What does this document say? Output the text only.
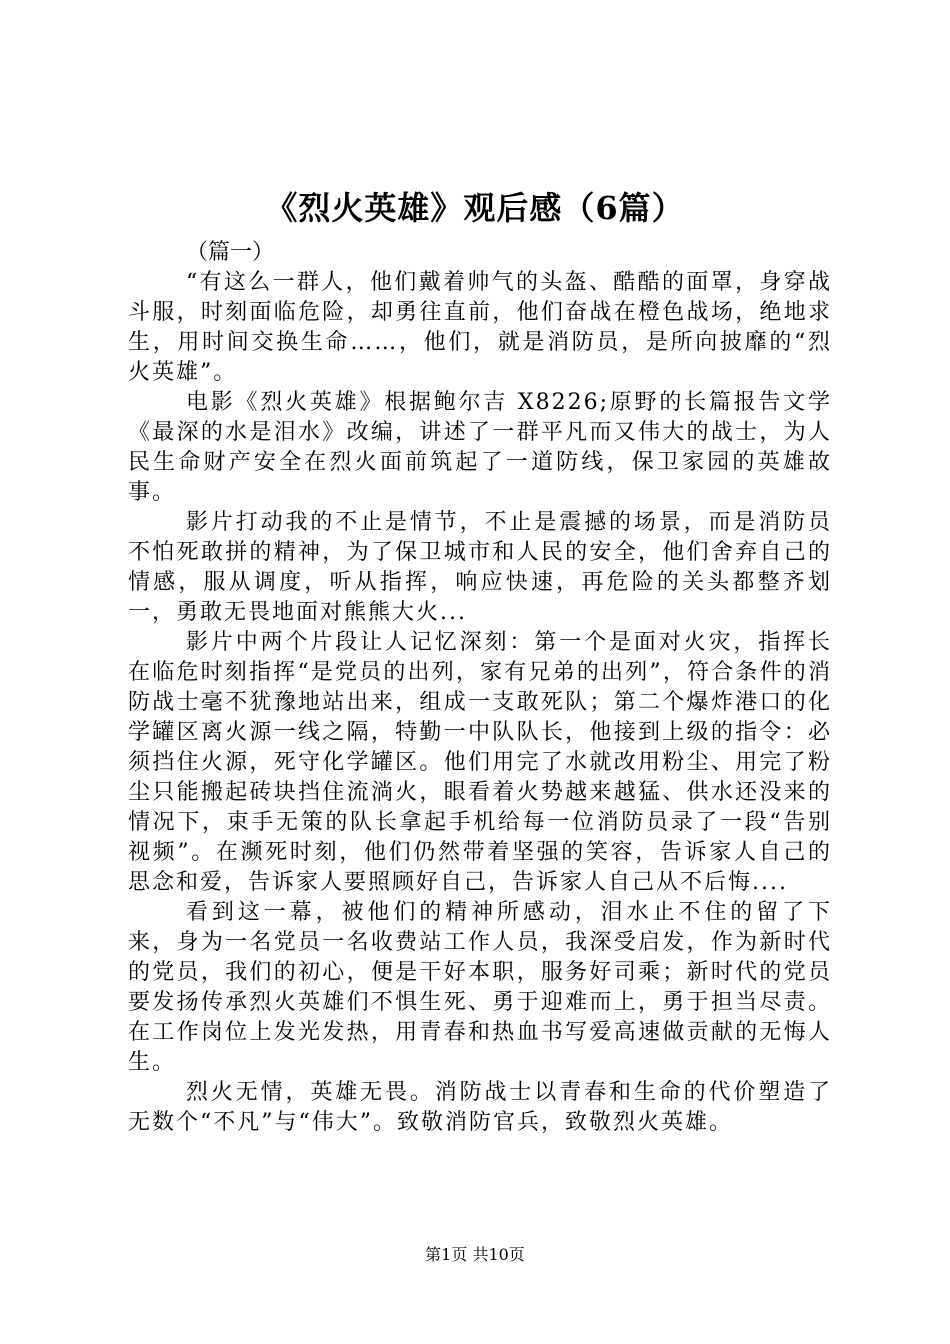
《烈火英雄》观后感（6篇）

（篇一）

“有这么一群人，他们戴着帅气的头盔、酷酷的面罩，身穿战斗服，时刻面临危险，却勇往直前，他们奋战在橙色战场，绝地求生，用时间交换生命……，他们，就是消防员，是所向披靡的“烈火英雄”。

电影《烈火英雄》根据鲍尔吉 X8226;原野的长篇报告文学《最深的水是泪水》改编，讲述了一群平凡而又伟大的战士，为人民生命财产安全在烈火面前筑起了一道防线，保卫家园的英雄故事。

影片打动我的不止是情节，不止是震撼的场景，而是消防员不怕死敢拼的精神，为了保卫城市和人民的安全，他们舍弃自己的情感，服从调度，听从指挥，响应快速，再危险的关头都整齐划一，勇敢无畏地面对熊熊大火...

影片中两个片段让人记忆深刻：第一个是面对火灾，指挥长在临危时刻指挥“是党员的出列，家有兄弟的出列”，符合条件的消防战士毫不犹豫地站出来，组成一支敢死队；第二个爆炸港口的化学罐区离火源一线之隔，特勤一中队队长，他接到上级的指令：必须挡住火源，死守化学罐区。他们用完了水就改用粉尘、用完了粉尘只能搬起砖块挡住流淌火，眼看着火势越来越猛、供水还没来的情况下，束手无策的队长拿起手机给每一位消防员录了一段“告别视频”。在濒死时刻，他们仍然带着坚强的笑容，告诉家人自己的思念和爱，告诉家人要照顾好自己，告诉家人自己从不后悔....

看到这一幕，被他们的精神所感动，泪水止不住的留了下来，身为一名党员一名收费站工作人员，我深受启发，作为新时代的党员，我们的初心，便是干好本职，服务好司乘；新时代的党员要发扬传承烈火英雄们不惧生死、勇于迎难而上，勇于担当尽责。在工作岗位上发光发热，用青春和热血书写爱高速做贡献的无悔人生。

烈火无情，英雄无畏。消防战士以青春和生命的代价塑造了无数个“不凡”与“伟大”。致敬消防官兵，致敬烈火英雄。

第1页 共10页
